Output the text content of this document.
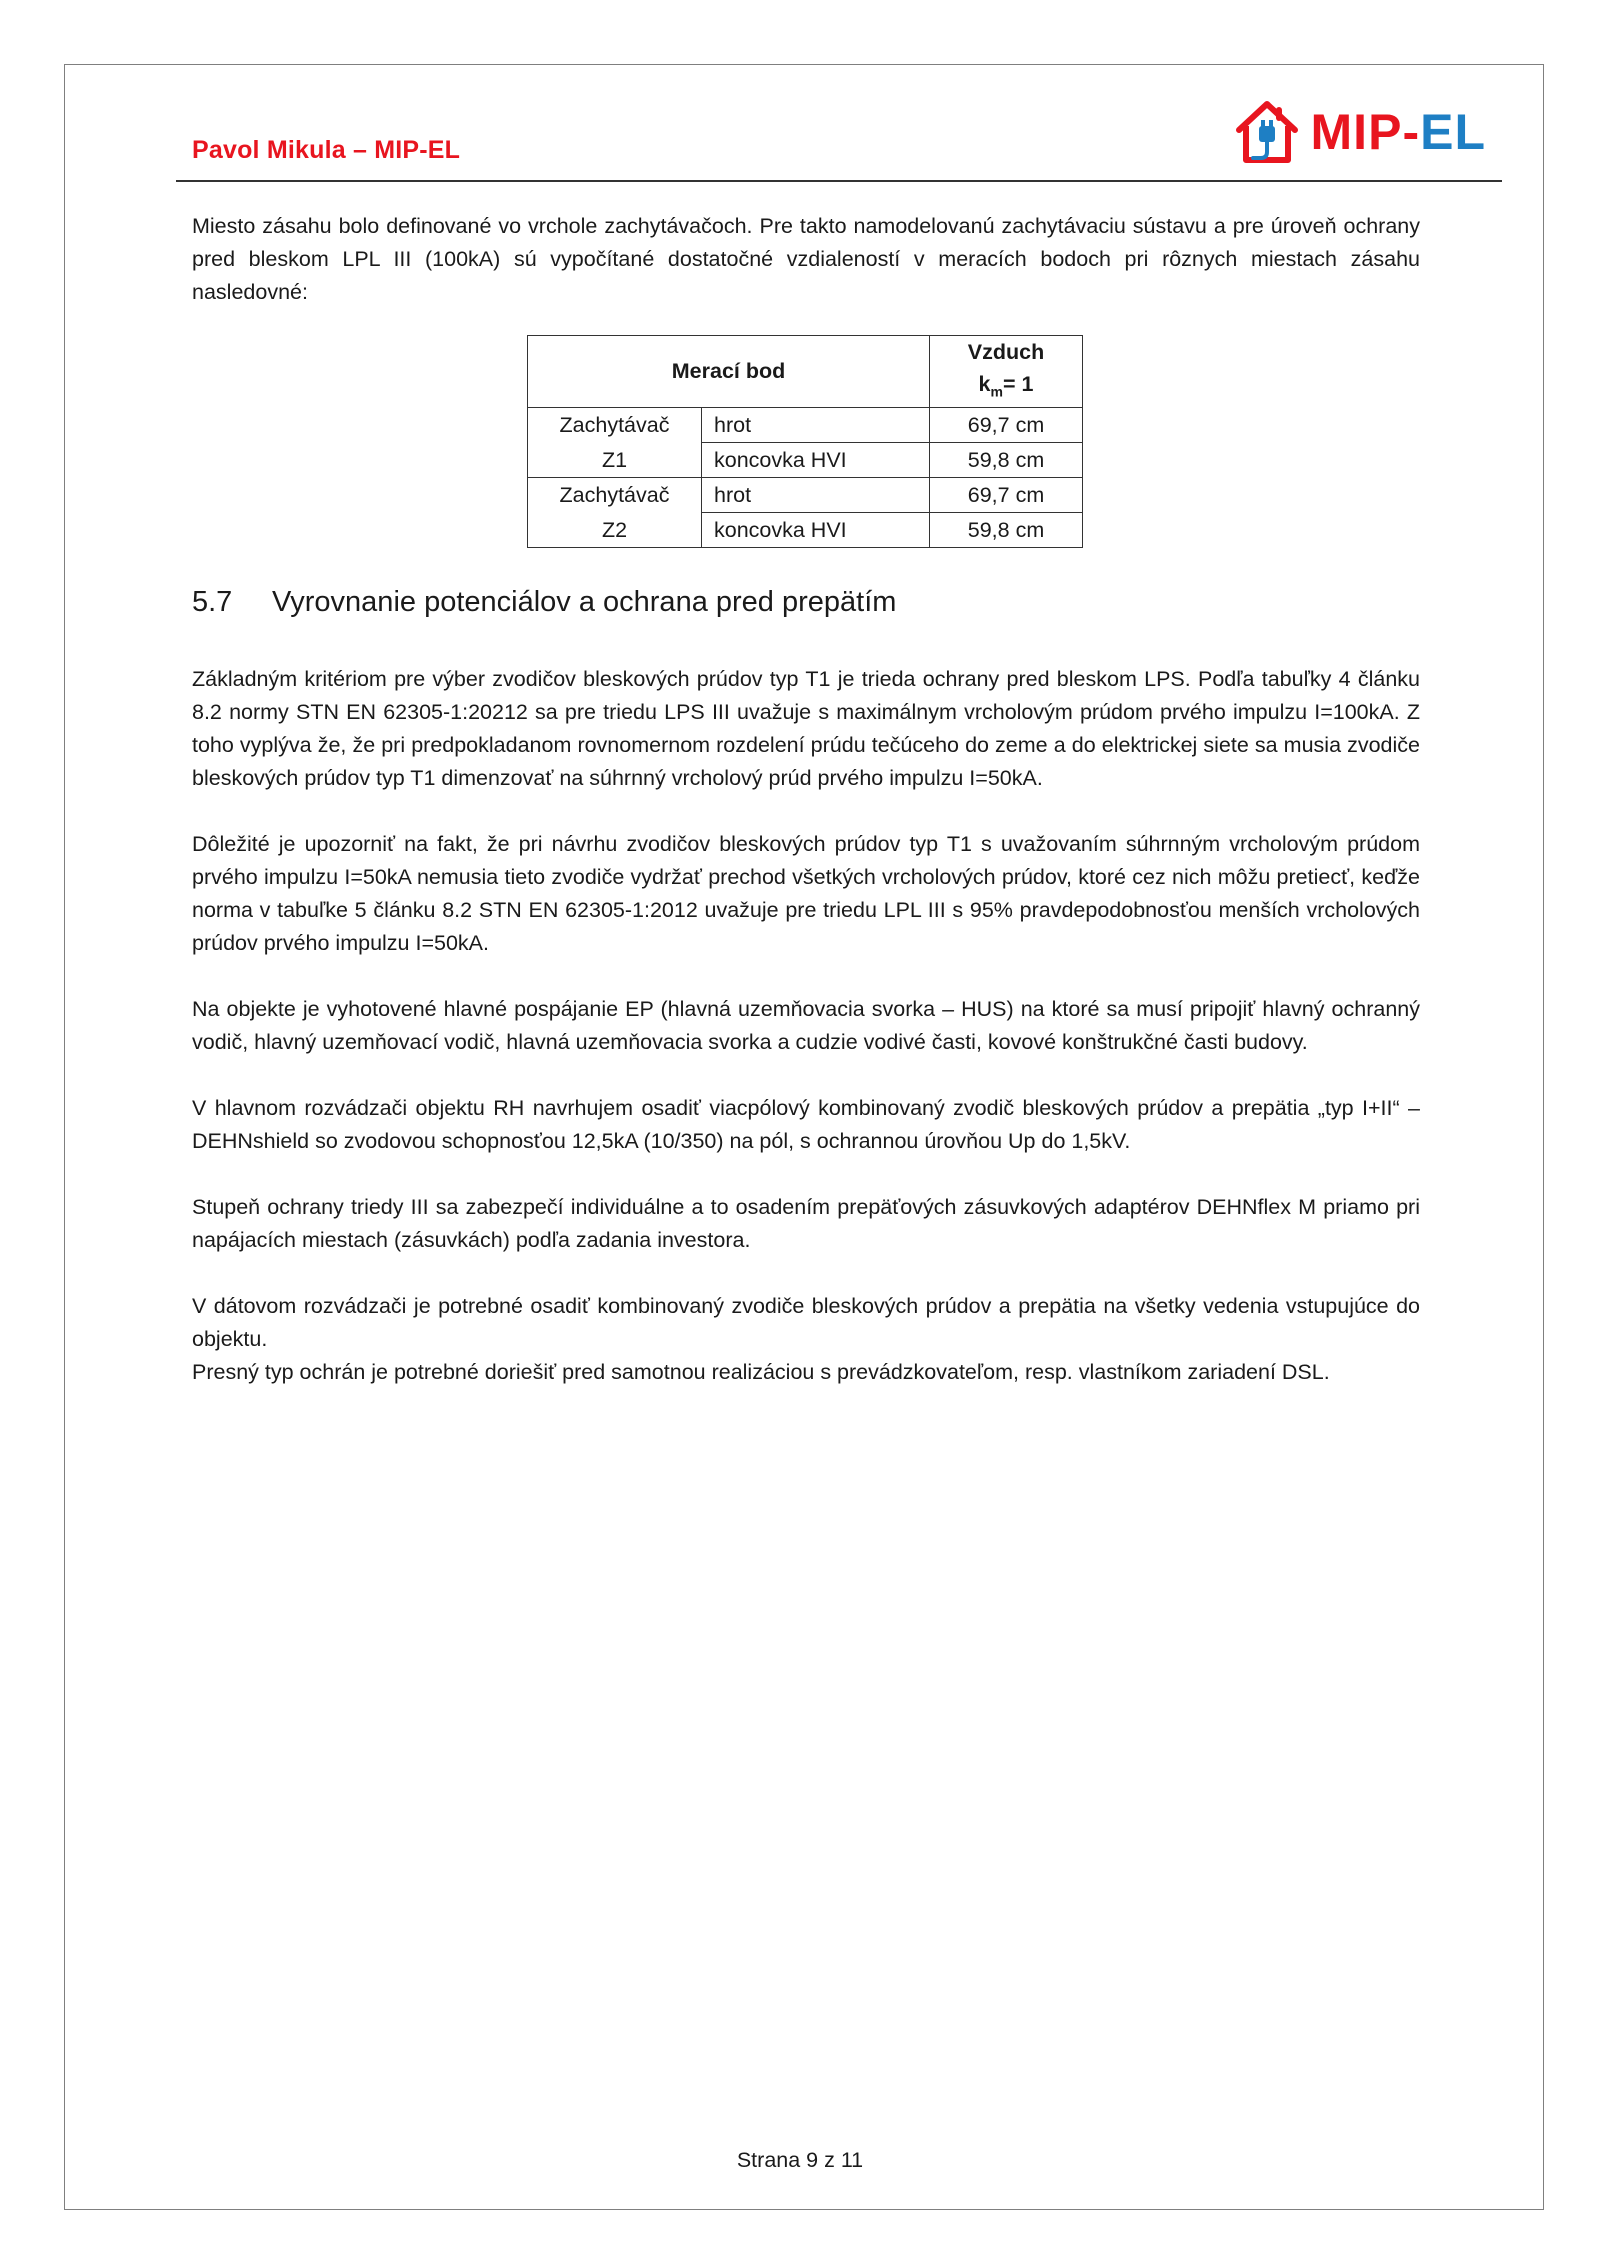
Pavol Mikula – MIP-EL	MIP-EL

Miesto zásahu bolo definované vo vrchole zachytávačoch. Pre takto namodelovanú zachytávaciu sústavu a pre úroveň ochrany pred bleskom LPL III (100kA) sú vypočítané dostatočné vzdialeností v meracích bodoch pri rôznych miestach zásahu nasledovné:

Merací bod		Vzduch
$k_m= 1$
Zachytávač	hrot	69,7 cm
Z1	koncovka HVI	59,8 cm
Zachytávač	hrot	69,7 cm
Z2	koncovka HVI	59,8 cm
5.7	Vyrovnanie potenciálov a ochrana pred prepätím

Základným kritériom pre výber zvodičov bleskových prúdov typ T1 je trieda ochrany pred bleskom LPS. Podľa tabuľky 4 článku 8.2 normy STN EN 62305-1:20212 sa pre triedu LPS III uvažuje s maximálnym vrcholovým prúdom prvého impulzu I=100kA. Z toho vyplýva že, že pri predpokladanom rovnomernom rozdelení prúdu tečúceho do zeme a do elektrickej siete sa musia zvodiče bleskových prúdov typ T1 dimenzovať na súhrnný vrcholový prúd prvého impulzu I=50kA.

Dôležité je upozorniť na fakt, že pri návrhu zvodičov bleskových prúdov typ T1 s uvažovaním súhrnným vrcholovým prúdom prvého impulzu I=50kA nemusia tieto zvodiče vydržať prechod všetkých vrcholových prúdov, ktoré cez nich môžu pretiecť, keďže norma v tabuľke 5 článku 8.2 STN EN 62305-1:2012 uvažuje pre triedu LPL III s 95% pravdepodobnosťou menších vrcholových prúdov prvého impulzu I=50kA.

Na objekte je vyhotovené hlavné pospájanie EP (hlavná uzemňovacia svorka – HUS) na ktoré sa musí pripojiť hlavný ochranný vodič, hlavný uzemňovací vodič, hlavná uzemňovacia svorka a cudzie vodivé časti, kovové konštrukčné časti budovy.

V hlavnom rozvádzači objektu RH navrhujem osadiť viacpólový kombinovaný zvodič bleskových prúdov a prepätia „typ I+II“ – DEHNshield so zvodovou schopnosťou 12,5kA (10/350) na pól, s ochrannou úrovňou Up do 1,5kV.

Stupeň ochrany triedy III sa zabezpečí individuálne a to osadením prepäťových zásuvkových adaptérov DEHNflex M priamo pri napájacích miestach (zásuvkách) podľa zadania investora.

V dátovom rozvádzači je potrebné osadiť kombinovaný zvodiče bleskových prúdov a prepätia na všetky vedenia vstupujúce do objektu.

Presný typ ochrán je potrebné doriešiť pred samotnou realizáciou s prevádzkovateľom, resp. vlastníkom zariadení DSL.

Strana 9 z 11
